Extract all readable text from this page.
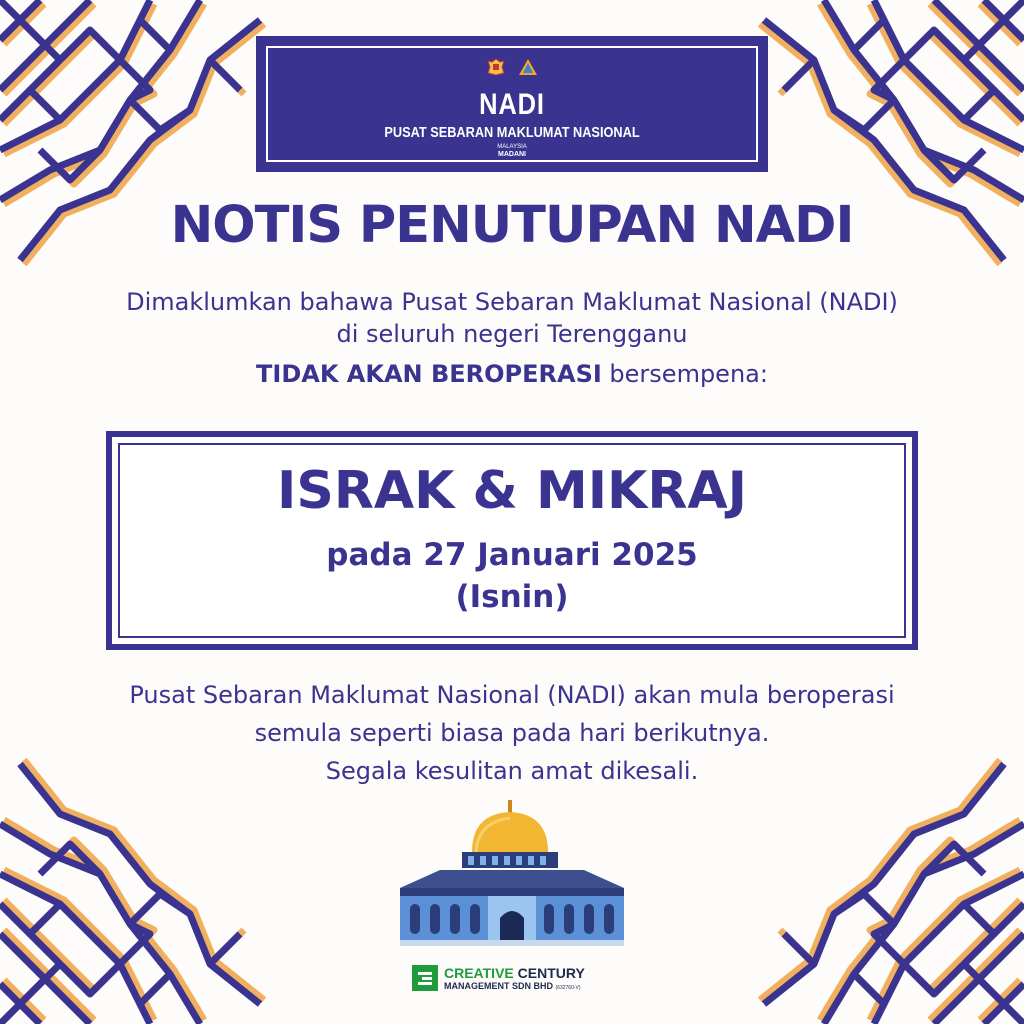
NADI
PUSAT SEBARAN MAKLUMAT NASIONAL
MALAYSIA
MADANI
NOTIS PENUTUPAN NADI
Dimaklumkan bahawa Pusat Sebaran Maklumat Nasional (NADI)
di seluruh negeri Terengganu
TIDAK AKAN BEROPERASI bersempena:
ISRAK & MIKRAJ
pada 27 Januari 2025
(Isnin)
Pusat Sebaran Maklumat Nasional (NADI) akan mula beroperasi
semula seperti biasa pada hari berikutnya.
Segala kesulitan amat dikesali.
CREATIVE CENTURY
MANAGEMENT SDN BHD (632760-V)
